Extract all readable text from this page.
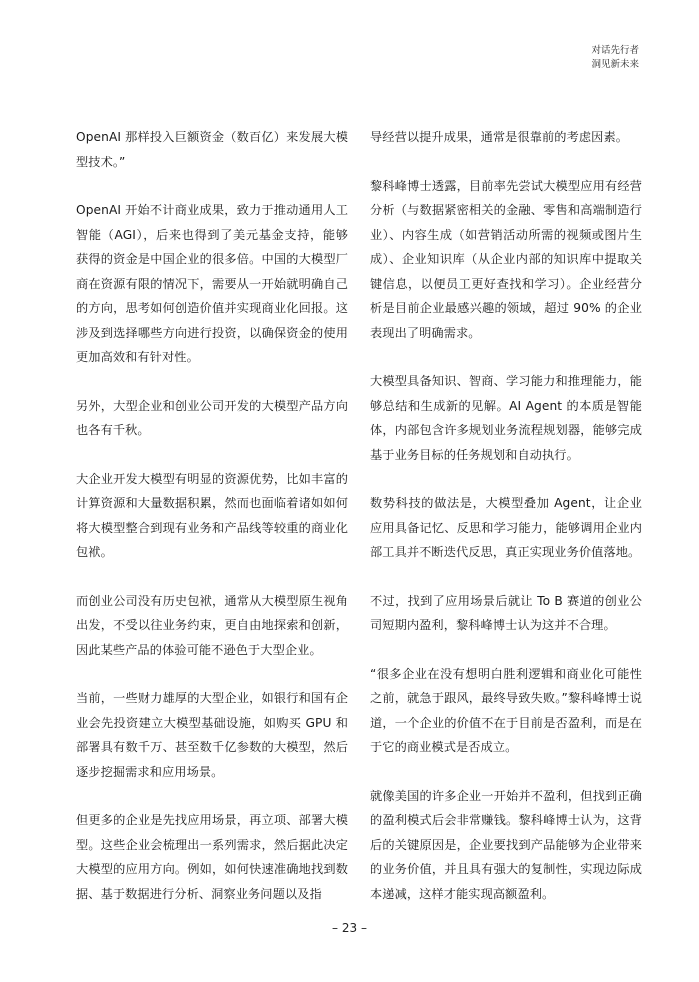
对话先行者
洞见新未来

OpenAI 那样投入巨额资金（数百亿）来发展大模型技术。”

OpenAI 开始不计商业成果，致力于推动通用人工智能（AGI），后来也得到了美元基金支持，能够获得的资金是中国企业的很多倍。中国的大模型厂商在资源有限的情况下，需要从一开始就明确自己的方向，思考如何创造价值并实现商业化回报。这涉及到选择哪些方向进行投资，以确保资金的使用更加高效和有针对性。

另外，大型企业和创业公司开发的大模型产品方向也各有千秋。

大企业开发大模型有明显的资源优势，比如丰富的计算资源和大量数据积累，然而也面临着诸如如何将大模型整合到现有业务和产品线等较重的商业化包袱。

而创业公司没有历史包袱，通常从大模型原生视角出发，不受以往业务约束，更自由地探索和创新，因此某些产品的体验可能不逊色于大型企业。

当前，一些财力雄厚的大型企业，如银行和国有企业会先投资建立大模型基础设施，如购买 GPU 和部署具有数千万、甚至数千亿参数的大模型，然后逐步挖掘需求和应用场景。

但更多的企业是先找应用场景，再立项、部署大模型。这些企业会梳理出一系列需求，然后据此决定大模型的应用方向。例如，如何快速准确地找到数据、基于数据进行分析、洞察业务问题以及指

导经营以提升成果，通常是很靠前的考虑因素。

黎科峰博士透露，目前率先尝试大模型应用有经营分析（与数据紧密相关的金融、零售和高端制造行业）、内容生成（如营销活动所需的视频或图片生成）、企业知识库（从企业内部的知识库中提取关键信息，以便员工更好查找和学习）。企业经营分析是目前企业最感兴趣的领域，超过 90% 的企业表现出了明确需求。

大模型具备知识、智商、学习能力和推理能力，能够总结和生成新的见解。AI Agent 的本质是智能体，内部包含许多规划业务流程规划器，能够完成基于业务目标的任务规划和自动执行。

数势科技的做法是，大模型叠加 Agent，让企业应用具备记忆、反思和学习能力，能够调用企业内部工具并不断迭代反思，真正实现业务价值落地。

不过，找到了应用场景后就让 To B 赛道的创业公司短期内盈利，黎科峰博士认为这并不合理。

“很多企业在没有想明白胜利逻辑和商业化可能性之前，就急于跟风，最终导致失败。”黎科峰博士说道，一个企业的价值不在于目前是否盈利，而是在于它的商业模式是否成立。

就像美国的许多企业一开始并不盈利，但找到正确的盈利模式后会非常赚钱。黎科峰博士认为，这背后的关键原因是，企业要找到产品能够为企业带来的业务价值，并且具有强大的复制性，实现边际成本递减，这样才能实现高额盈利。

– 23 –
